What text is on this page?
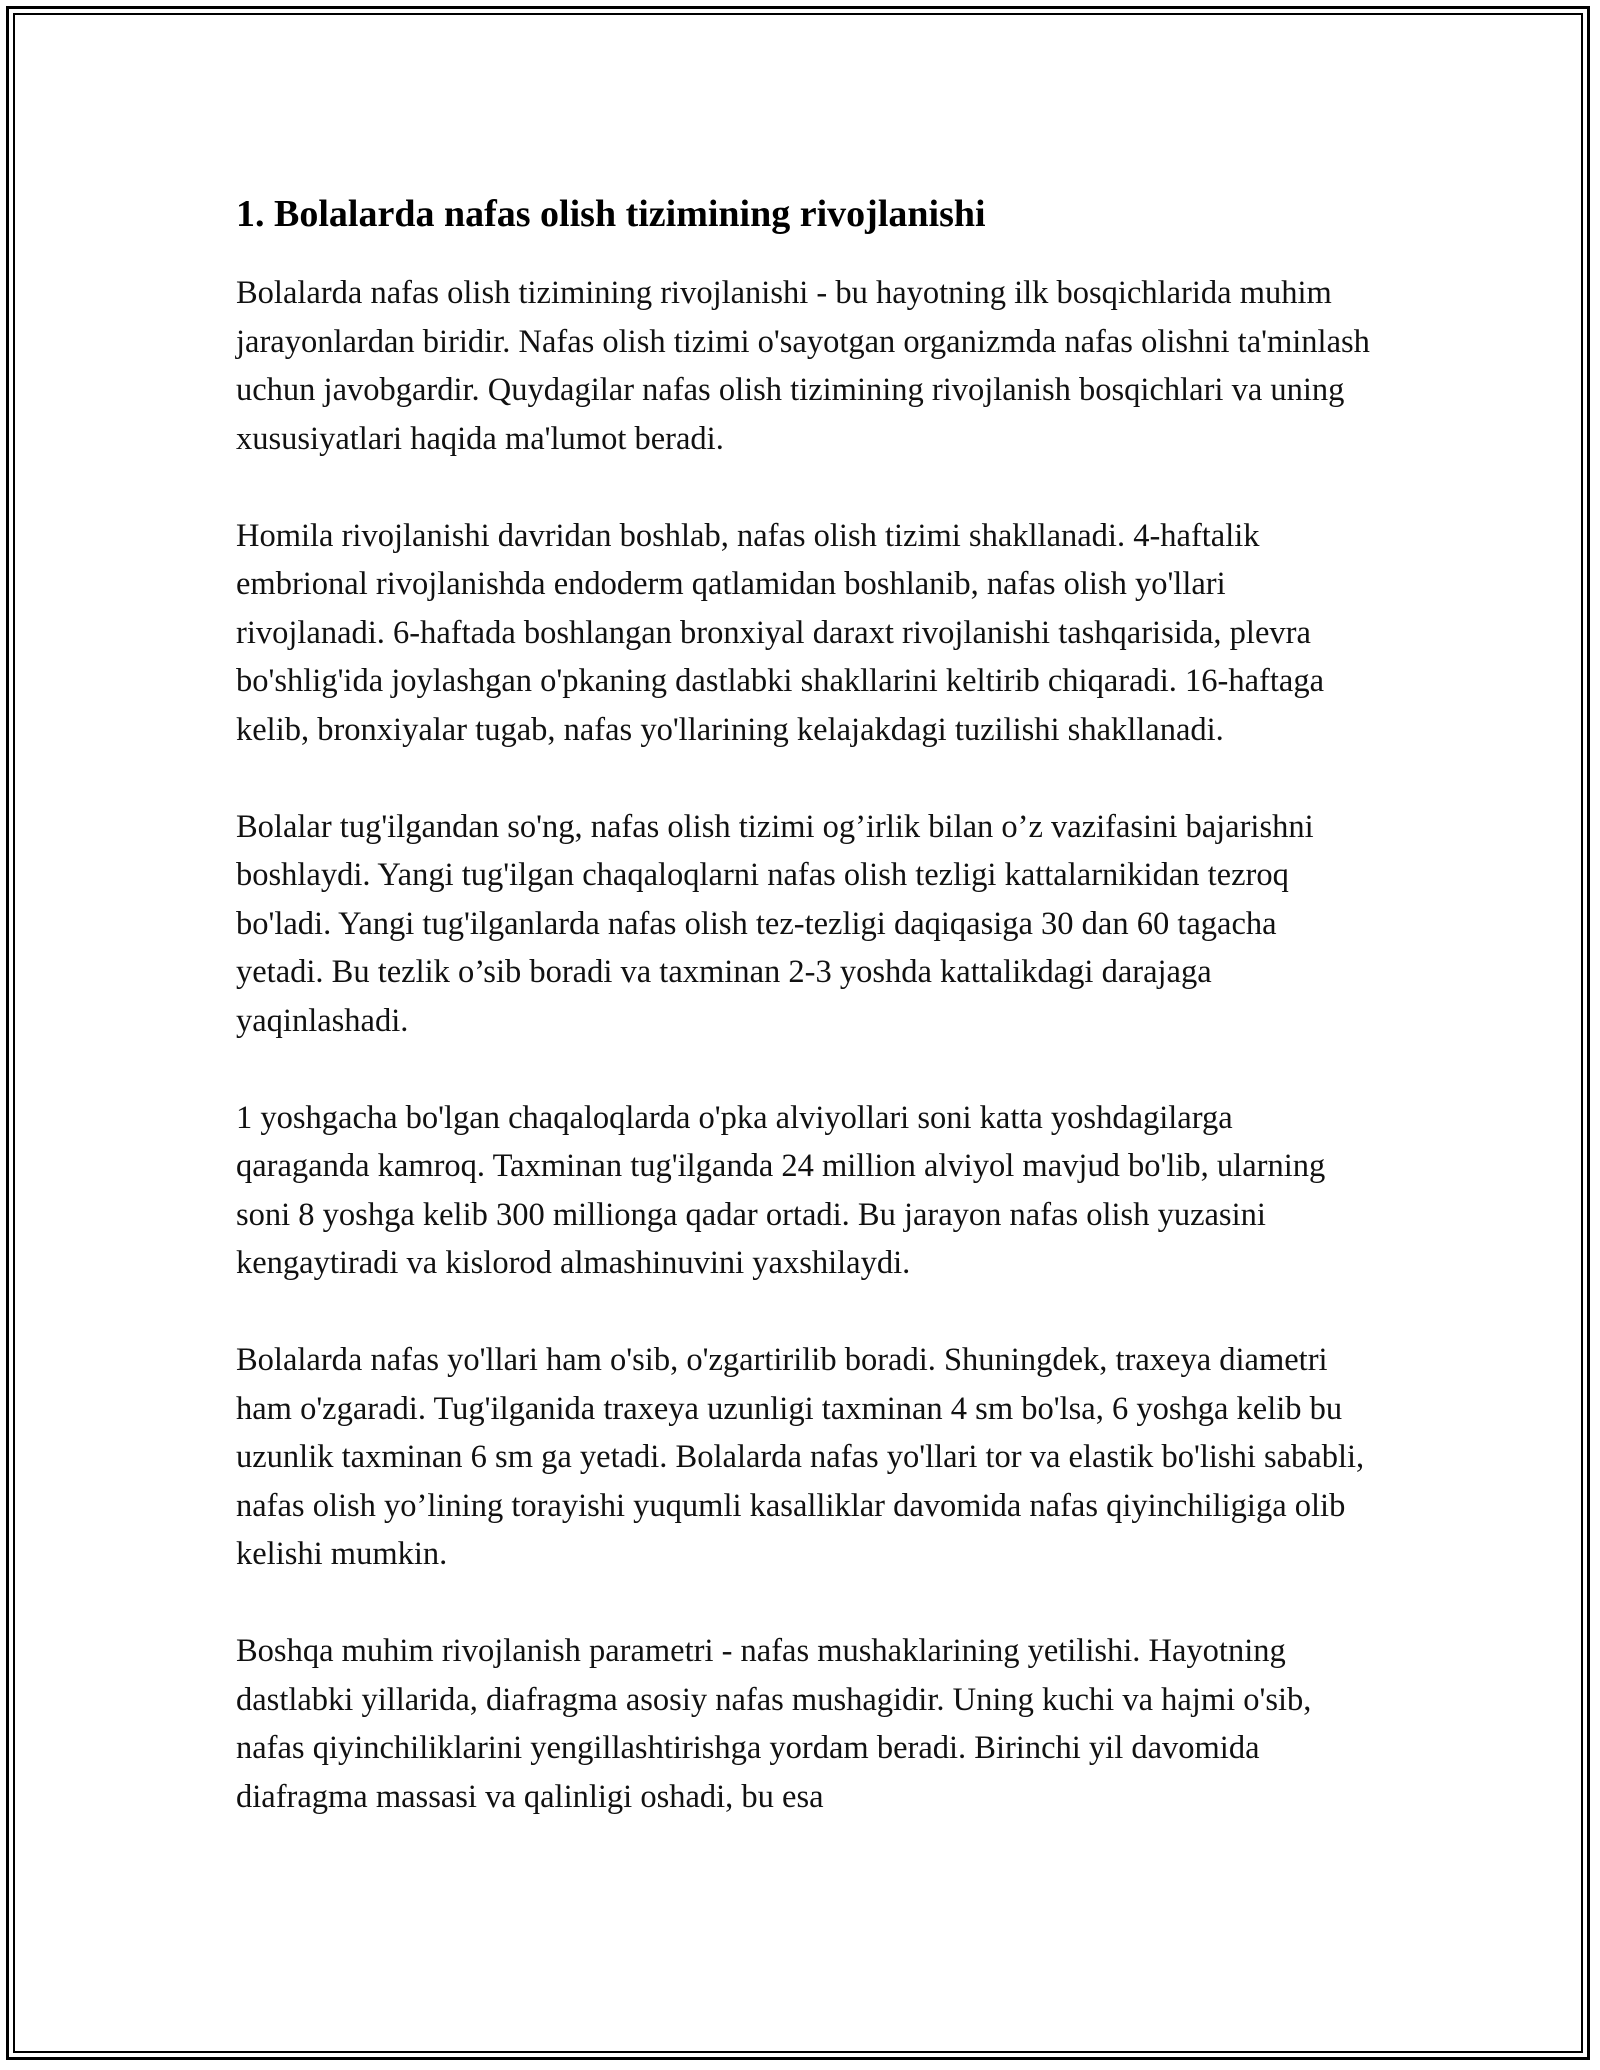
1. Bolalarda nafas olish tizimining rivojlanishi

Bolalarda nafas olish tizimining rivojlanishi - bu hayotning ilk bosqichlarida muhim jarayonlardan biridir. Nafas olish tizimi o'sayotgan organizmda nafas olishni ta'minlash uchun javobgardir. Quydagilar nafas olish tizimining rivojlanish bosqichlari va uning xususiyatlari haqida ma'lumot beradi.

Homila rivojlanishi davridan boshlab, nafas olish tizimi shakllanadi. 4-haftalik embrional rivojlanishda endoderm qatlamidan boshlanib, nafas olish yo'llari rivojlanadi. 6-haftada boshlangan bronxiyal daraxt rivojlanishi tashqarisida, plevra bo'shlig'ida joylashgan o'pkaning dastlabki shakllarini keltirib chiqaradi. 16-haftaga kelib, bronxiyalar tugab, nafas yo'llarining kelajakdagi tuzilishi shakllanadi.

Bolalar tug'ilgandan so'ng, nafas olish tizimi og’irlik bilan o’z vazifasini bajarishni boshlaydi. Yangi tug'ilgan chaqaloqlarni nafas olish tezligi kattalarnikidan tezroq bo'ladi. Yangi tug'ilganlarda nafas olish tez-tezligi daqiqasiga 30 dan 60 tagacha yetadi. Bu tezlik o’sib boradi va taxminan 2-3 yoshda kattalikdagi darajaga yaqinlashadi.

1 yoshgacha bo'lgan chaqaloqlarda o'pka alviyollari soni katta yoshdagilarga qaraganda kamroq. Taxminan tug'ilganda 24 million alviyol mavjud bo'lib, ularning soni 8 yoshga kelib 300 millionga qadar ortadi. Bu jarayon nafas olish yuzasini kengaytiradi va kislorod almashinuvini yaxshilaydi.

Bolalarda nafas yo'llari ham o'sib, o'zgartirilib boradi. Shuningdek, traxeya diametri ham o'zgaradi. Tug'ilganida traxeya uzunligi taxminan 4 sm bo'lsa, 6 yoshga kelib bu uzunlik taxminan 6 sm ga yetadi. Bolalarda nafas yo'llari tor va elastik bo'lishi sababli, nafas olish yo’lining torayishi yuqumli kasalliklar davomida nafas qiyinchiligiga olib kelishi mumkin.

Boshqa muhim rivojlanish parametri - nafas mushaklarining yetilishi. Hayotning dastlabki yillarida, diafragma asosiy nafas mushagidir. Uning kuchi va hajmi o'sib, nafas qiyinchiliklarini yengillashtirishga yordam beradi. Birinchi yil davomida diafragma massasi va qalinligi oshadi, bu esa
